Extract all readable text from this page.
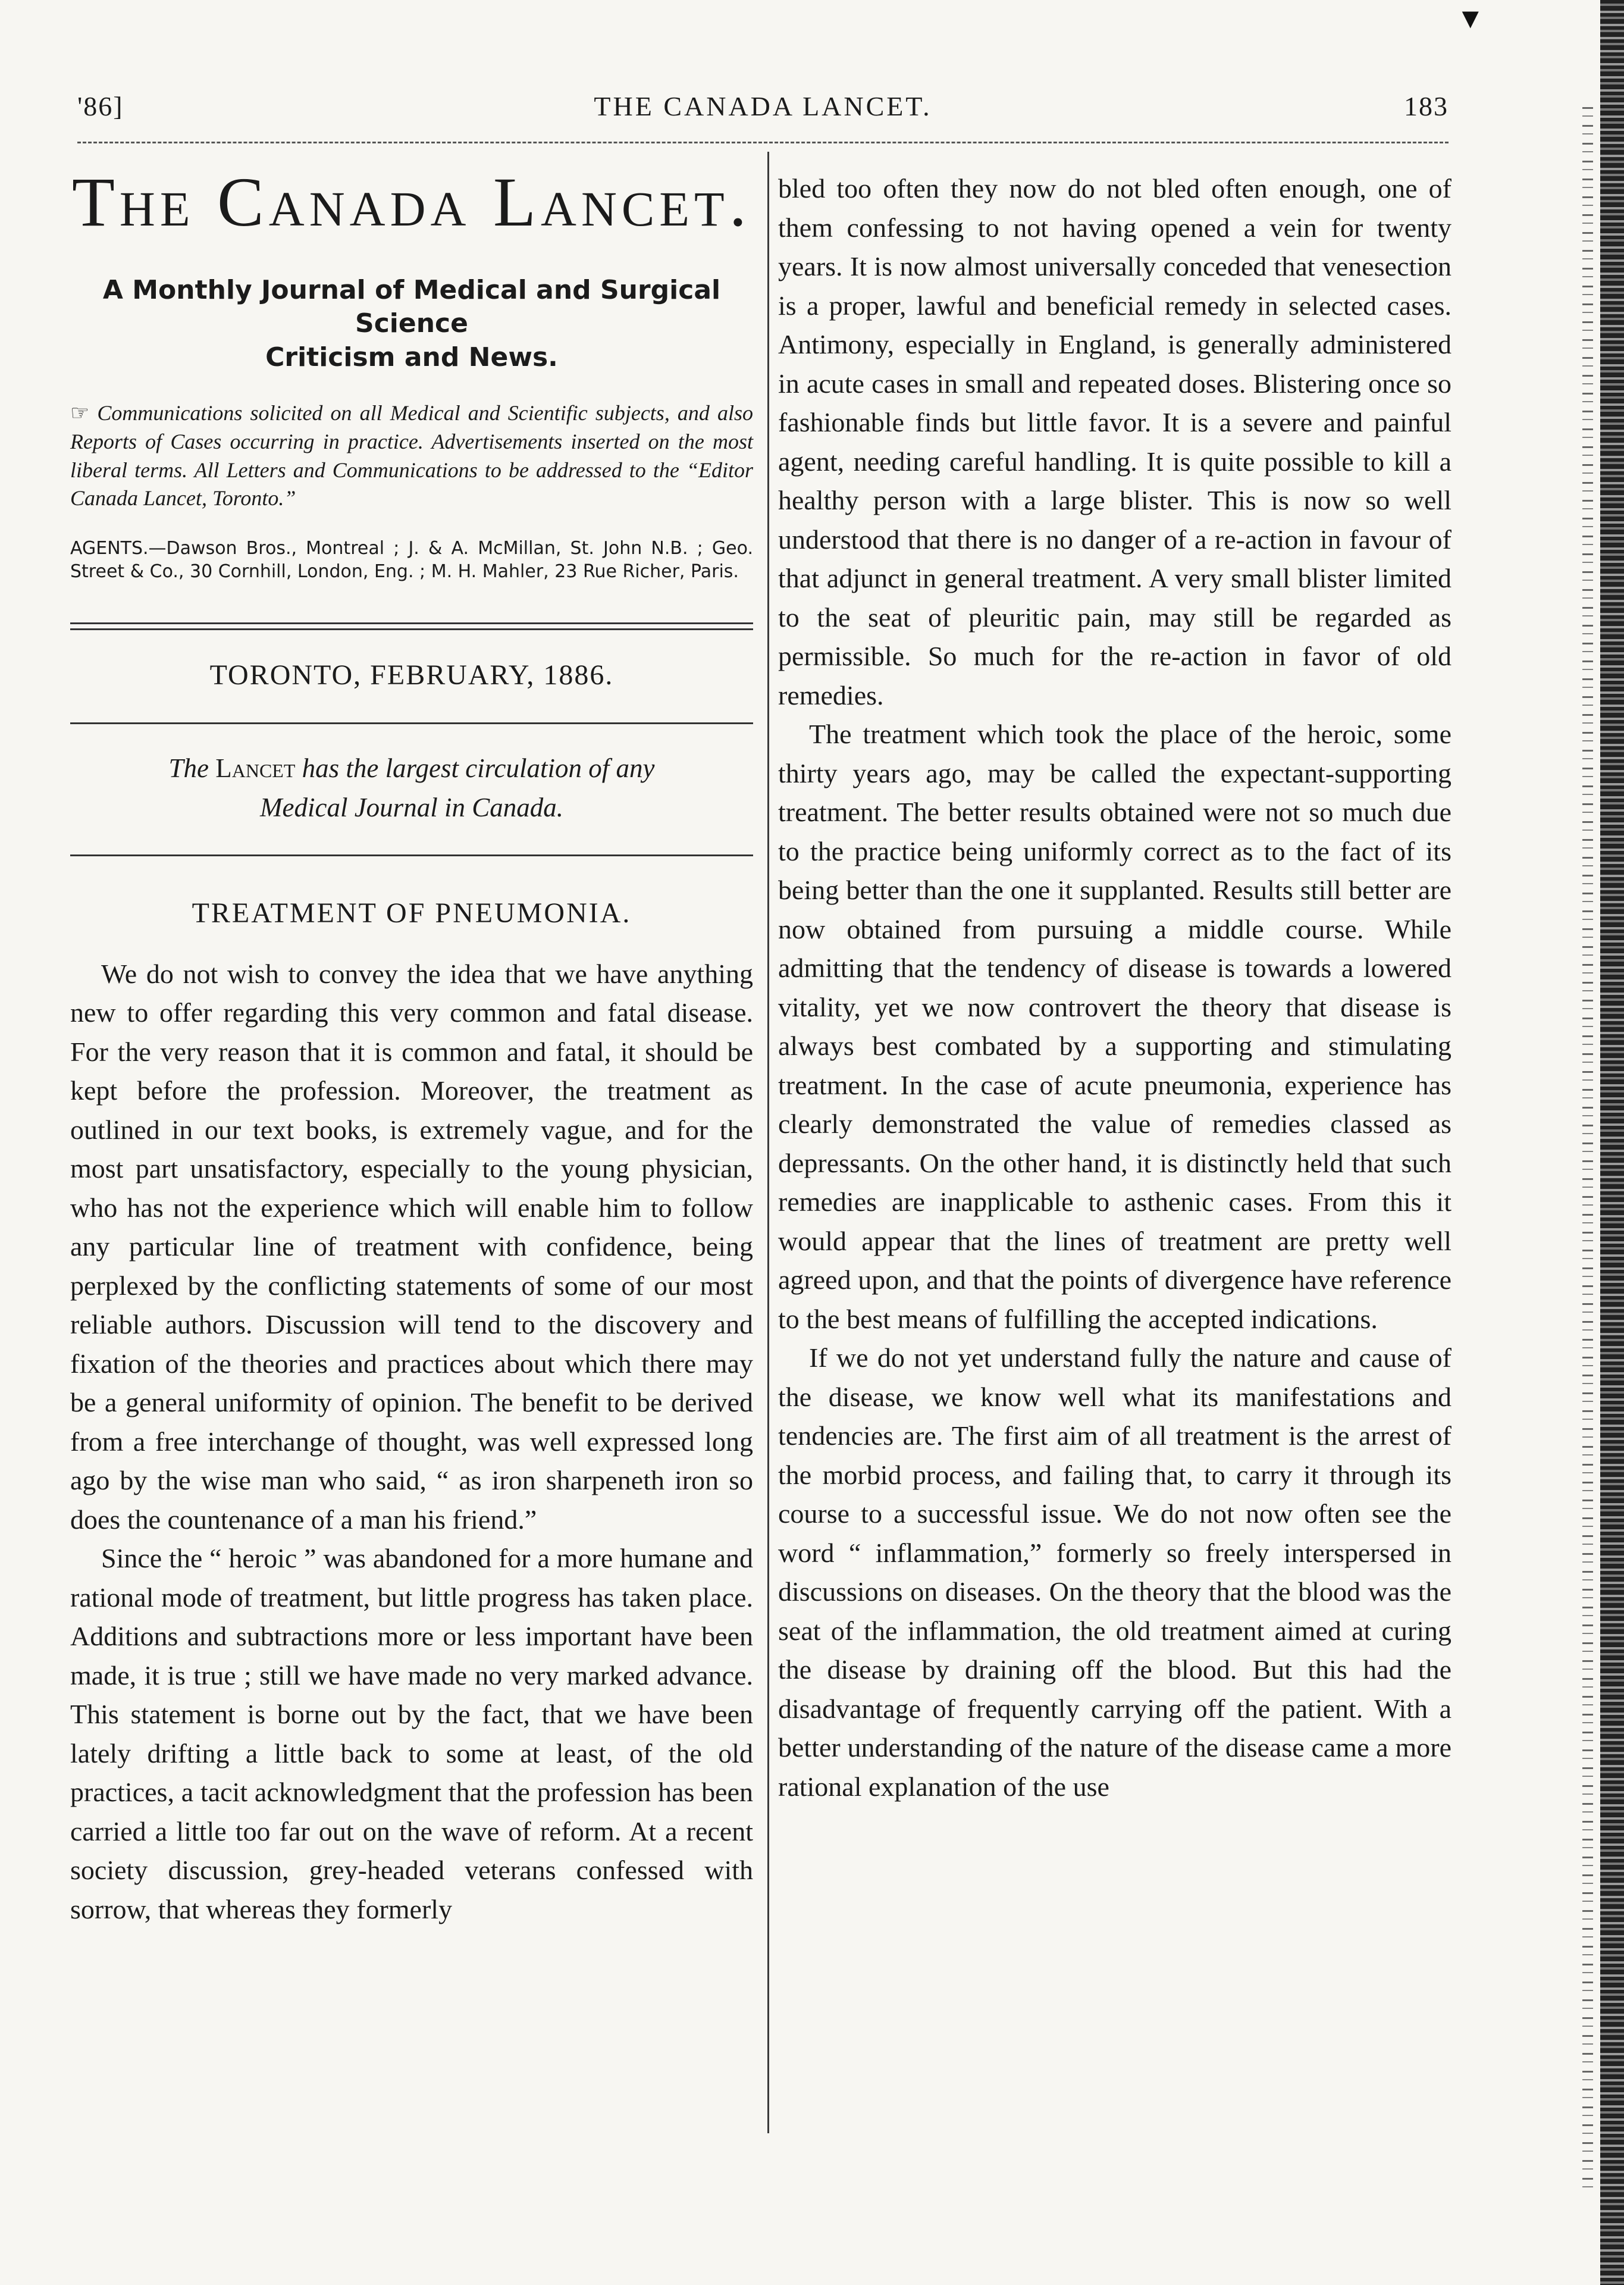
▼
'86]	THE CANADA LANCET.	183
The Canada Lancet.
A Monthly Journal of Medical and Surgical Science
Criticism and News.
☞ Communications solicited on all Medical and Scientific subjects, and also Reports of Cases occurring in practice. Advertisements inserted on the most liberal terms. All Letters and Communications to be addressed to the “Editor Canada Lancet, Toronto.”
AGENTS.—Dawson Bros., Montreal ; J. & A. McMillan, St. John N.B. ; Geo. Street & Co., 30 Cornhill, London, Eng. ; M. H. Mahler, 23 Rue Richer, Paris.
TORONTO, FEBRUARY, 1886.
The Lancet has the largest circulation of any
Medical Journal in Canada.
TREATMENT OF PNEUMONIA.

We do not wish to convey the idea that we have anything new to offer regarding this very common and fatal disease. For the very reason that it is common and fatal, it should be kept before the profession. Moreover, the treatment as outlined in our text books, is extremely vague, and for the most part unsatisfactory, especially to the young physician, who has not the experience which will enable him to follow any particular line of treatment with confidence, being perplexed by the conflicting statements of some of our most reliable authors. Discussion will tend to the discovery and fixation of the theories and practices about which there may be a general uniformity of opinion. The benefit to be derived from a free interchange of thought, was well expressed long ago by the wise man who said, “ as iron sharpeneth iron so does the countenance of a man his friend.”

Since the “ heroic ” was abandoned for a more humane and rational mode of treatment, but little progress has taken place. Additions and subtractions more or less important have been made, it is true ; still we have made no very marked advance. This statement is borne out by the fact, that we have been lately drifting a little back to some at least, of the old practices, a tacit acknowledgment that the profession has been carried a little too far out on the wave of reform. At a recent society discussion, grey-headed veterans confessed with sorrow, that whereas they formerly

bled too often they now do not bled often enough, one of them confessing to not having opened a vein for twenty years. It is now almost universally conceded that venesection is a proper, lawful and beneficial remedy in selected cases. Antimony, especially in England, is generally administered in acute cases in small and repeated doses. Blistering once so fashionable finds but little favor. It is a severe and painful agent, needing careful handling. It is quite possible to kill a healthy person with a large blister. This is now so well understood that there is no danger of a re-action in favour of that adjunct in general treatment. A very small blister limited to the seat of pleuritic pain, may still be regarded as permissible. So much for the re-action in favor of old remedies.

The treatment which took the place of the heroic, some thirty years ago, may be called the expectant-supporting treatment. The better results obtained were not so much due to the practice being uniformly correct as to the fact of its being better than the one it supplanted. Results still better are now obtained from pursuing a middle course. While admitting that the tendency of disease is towards a lowered vitality, yet we now controvert the theory that disease is always best combated by a supporting and stimulating treatment. In the case of acute pneumonia, experience has clearly demonstrated the value of remedies classed as depressants. On the other hand, it is distinctly held that such remedies are inapplicable to asthenic cases. From this it would appear that the lines of treatment are pretty well agreed upon, and that the points of divergence have reference to the best means of fulfilling the accepted indications.

If we do not yet understand fully the nature and cause of the disease, we know well what its manifestations and tendencies are. The first aim of all treatment is the arrest of the morbid process, and failing that, to carry it through its course to a successful issue. We do not now often see the word “ inflammation,” formerly so freely interspersed in discussions on diseases. On the theory that the blood was the seat of the inflammation, the old treatment aimed at curing the disease by draining off the blood. But this had the disadvantage of frequently carrying off the patient. With a better understanding of the nature of the disease came a more rational explanation of the use
